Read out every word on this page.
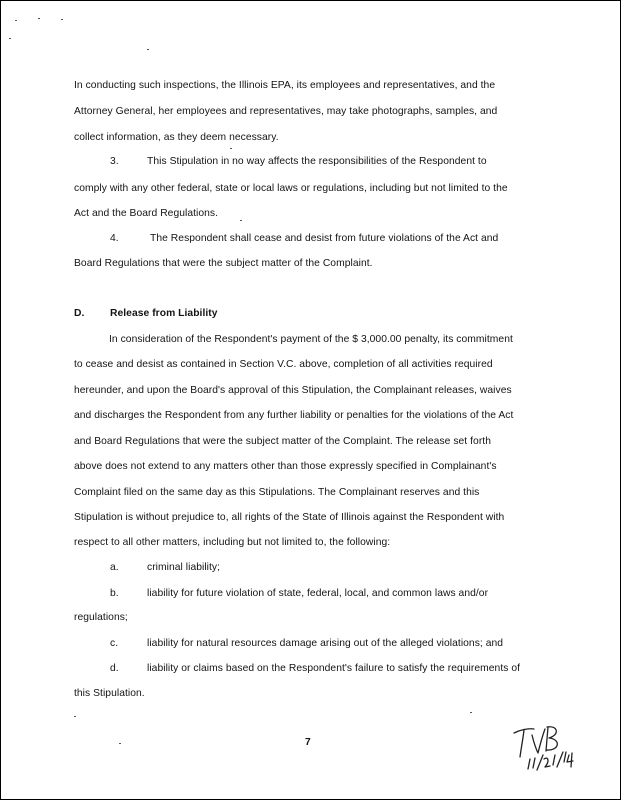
In conducting such inspections, the Illinois EPA, its employees and representatives, and the
Attorney General, her employees and representatives, may take photographs, samples, and
collect information, as they deem necessary.
3.	This Stipulation in no way affects the responsibilities of the Respondent to
comply with any other federal, state or local laws or regulations, including but not limited to the
Act and the Board Regulations.
4.	The Respondent shall cease and desist from future violations of the Act and
Board Regulations that were the subject matter of the Complaint.
D. Release from Liability
In consideration of the Respondent's payment of the $ 3,000.00 penalty, its commitment
to cease and desist as contained in Section V.C. above, completion of all activities required
hereunder, and upon the Board's approval of this Stipulation, the Complainant releases, waives
and discharges the Respondent from any further liability or penalties for the violations of the Act
and Board Regulations that were the subject matter of the Complaint. The release set forth
above does not extend to any matters other than those expressly specified in Complainant's
Complaint filed on the same day as this Stipulations. The Complainant reserves and this
Stipulation is without prejudice to, all rights of the State of Illinois against the Respondent with
respect to all other matters, including but not limited to, the following:
a.	criminal liability;
b.	liability for future violation of state, federal, local, and common laws and/or
regulations;
c.	liability for natural resources damage arising out of the alleged violations; and
d.	liability or claims based on the Respondent's failure to satisfy the requirements of
this Stipulation.
7
